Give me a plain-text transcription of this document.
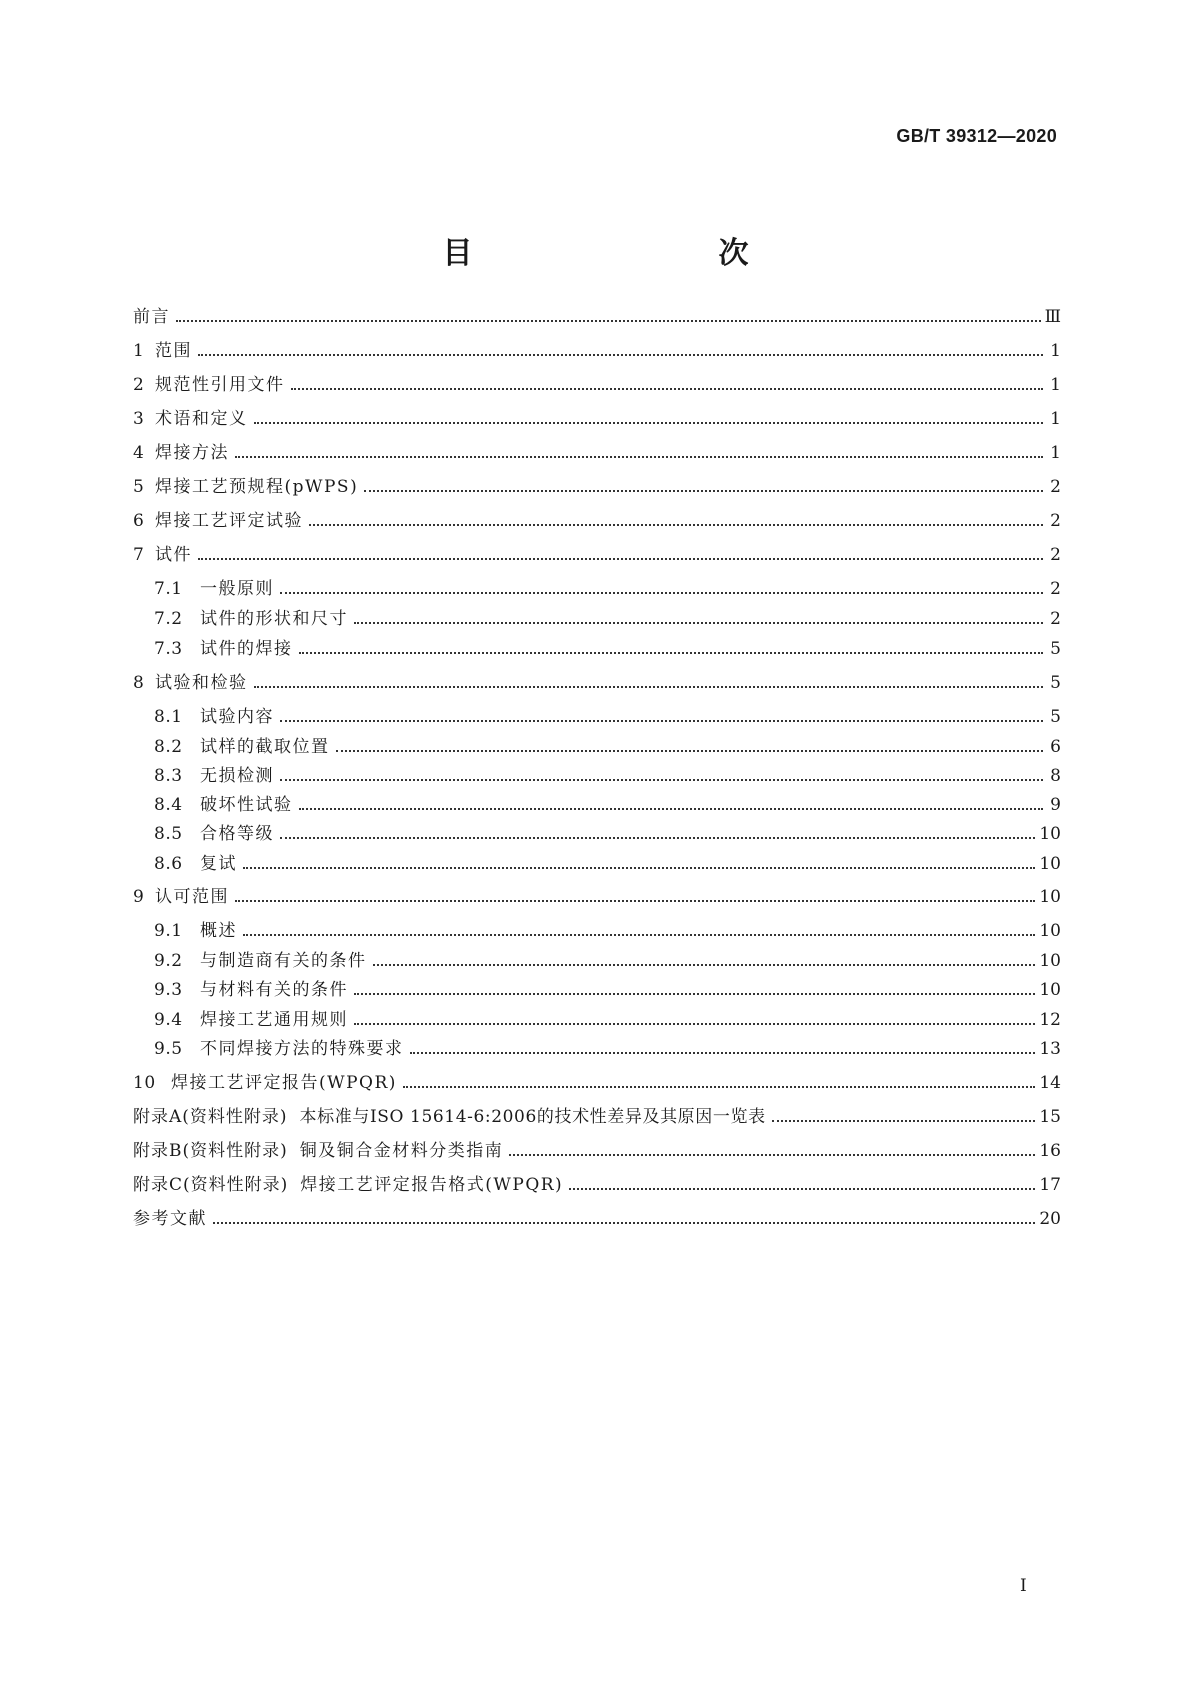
GB/T 39312—2020
目　　次
前言	Ⅲ
1 范围	1
2 规范性引用文件	1
3 术语和定义	1
4 焊接方法	1
5 焊接工艺预规程(pWPS)	2
6 焊接工艺评定试验	2
7 试件	2
7.1	一般原则	2
7.2	试件的形状和尺寸	2
7.3	试件的焊接	5
8 试验和检验	5
8.1	试验内容	5
8.2	试样的截取位置	6
8.3	无损检测	8
8.4	破坏性试验	9
8.5	合格等级	10
8.6	复试	10
9 认可范围	10
9.1	概述	10
9.2	与制造商有关的条件	10
9.3	与材料有关的条件	10
9.4	焊接工艺通用规则	12
9.5	不同焊接方法的特殊要求	13
10 焊接工艺评定报告(WPQR)	14
附录A(资料性附录) 本标准与ISO 15614-6:2006的技术性差异及其原因一览表	15
附录B(资料性附录) 铜及铜合金材料分类指南	16
附录C(资料性附录) 焊接工艺评定报告格式(WPQR)	17
参考文献	20
I
